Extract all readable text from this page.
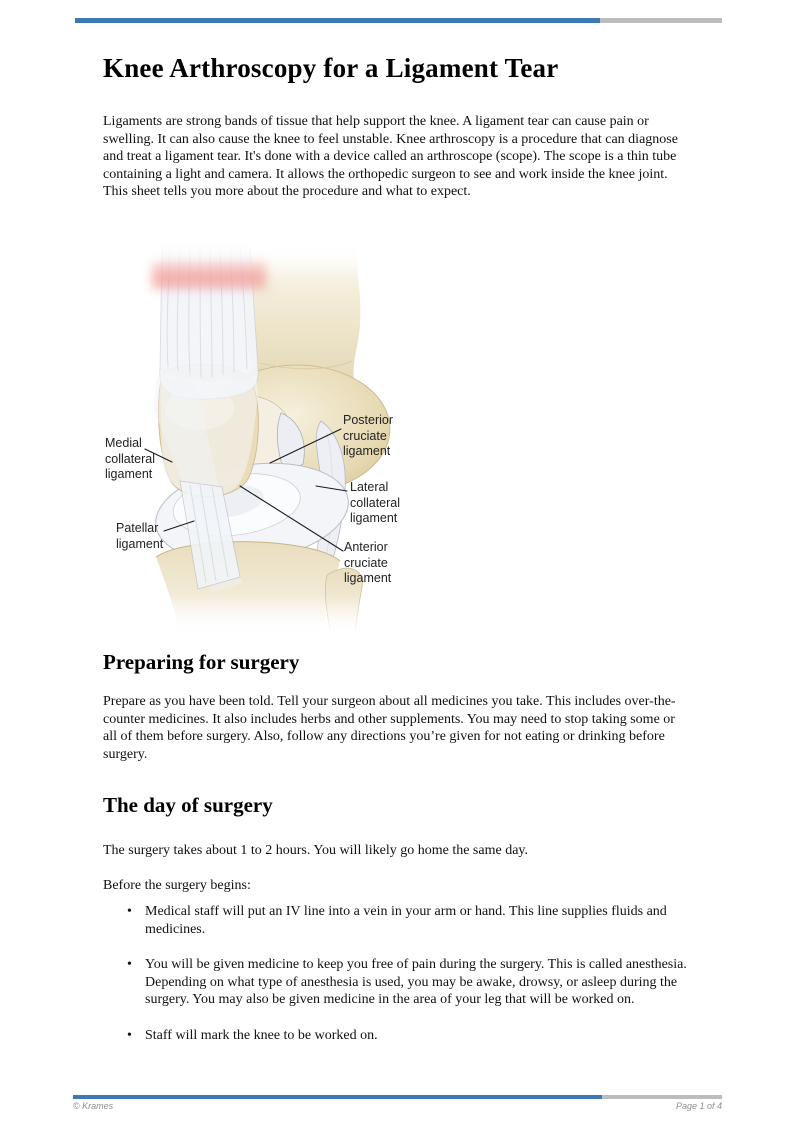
Knee Arthroscopy for a Ligament Tear
Ligaments are strong bands of tissue that help support the knee. A ligament tear can cause pain or swelling. It can also cause the knee to feel unstable. Knee arthroscopy is a procedure that can diagnose and treat a ligament tear. It's done with a device called an arthroscope (scope). The scope is a thin tube containing a light and camera. It allows the orthopedic surgeon to see and work inside the knee joint. This sheet tells you more about the procedure and what to expect.
Medial collateral ligament
Patellar ligament
Posterior cruciate ligament
Lateral collateral ligament
Anterior cruciate ligament
Preparing for surgery
Prepare as you have been told. Tell your surgeon about all medicines you take. This includes over-the-counter medicines. It also includes herbs and other supplements. You may need to stop taking some or all of them before surgery. Also, follow any directions you’re given for not eating or drinking before surgery.
The day of surgery
The surgery takes about 1 to 2 hours. You will likely go home the same day.
Before the surgery begins:
• Medical staff will put an IV line into a vein in your arm or hand. This line supplies fluids and medicines.
• You will be given medicine to keep you free of pain during the surgery. This is called anesthesia. Depending on what type of anesthesia is used, you may be awake, drowsy, or asleep during the surgery. You may also be given medicine in the area of your leg that will be worked on.
• Staff will mark the knee to be worked on.
© Krames	Page 1 of 4
